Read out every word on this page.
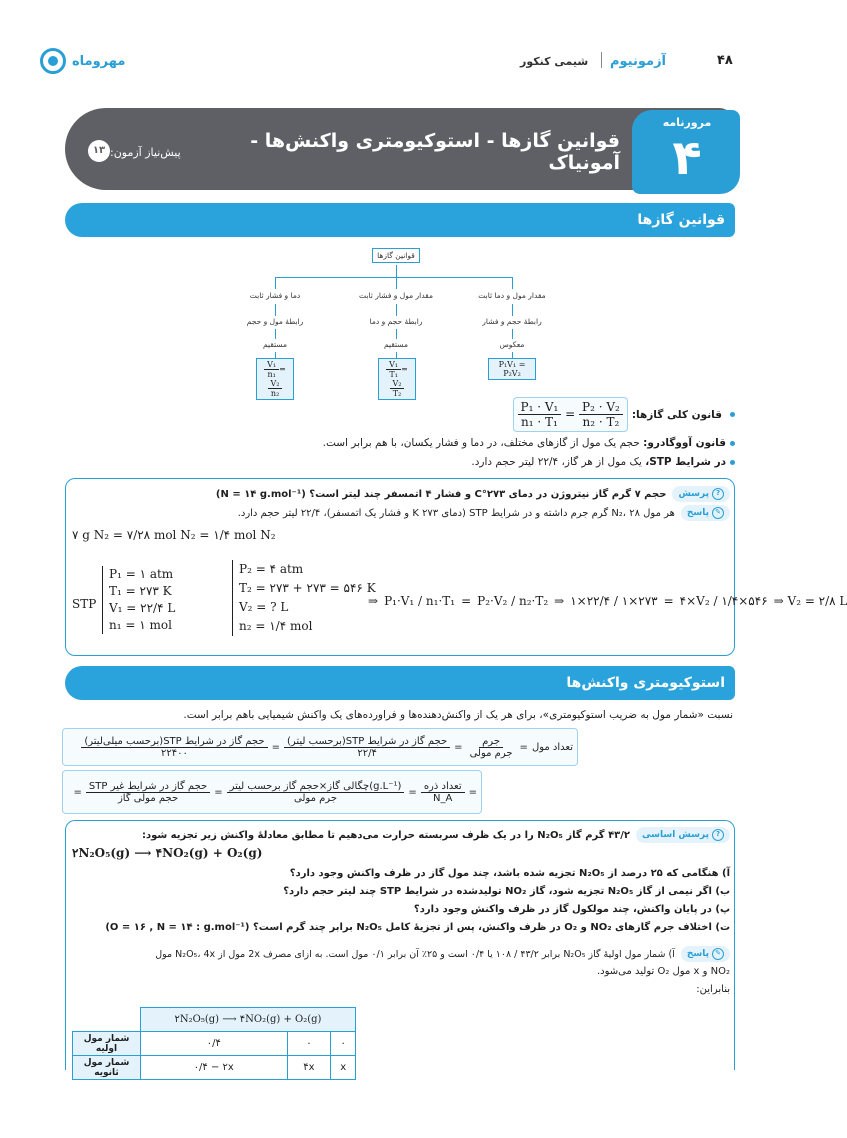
۴۸
آزمونیوم
شیمی کنکور
مهروماه
مرورنامه
۴
قوانین گازها - استوکیومتری واکنش‌ها - آمونیاک
پیش‌نیاز آزمون:
۱۳
قوانین گازها
قوانین گازها
مقدار مول و دما ثابت
رابطهٔ حجم و فشار
معکوس
P₁V₁ = P₂V₂
مقدار مول و فشار ثابت
رابطهٔ حجم و دما
مستقیم
$\frac{\text{V₁}}{\text{T₁}}$ =
$\frac{\text{V₂}}{\text{T₂}}$
دما و فشار ثابت
رابطهٔ مول و حجم
مستقیم
$\frac{\text{V₁}}{\text{n₁}}$ =
$\frac{\text{V₂}}{\text{n₂}}$
قانون کلی گازها:
$\frac{\text{P₁ · V₁}}{\text{n₁ · T₁}} = \frac{\text{P₂ · V₂}}{\text{n₂ · T₂}}$
قانون آووگادرو: حجم یک مول از گازهای مختلف، در دما و فشار یکسان، با هم برابر است.
در شرایط STP، یک مول از هر گاز، ۲۲/۴ لیتر حجم دارد.
?
پرسش
حجم ۷ گرم گاز نیتروژن در دمای ۲۷۳°C و فشار ۴ اتمسفر چند لیتر است؟ (N = ۱۴ g.mol⁻¹)
✎
پاسخ
هر مول N₂، ۲۸ گرم جرم داشته و در شرایط STP (دمای ۲۷۳ K و فشار یک اتمسفر)، ۲۲/۴ لیتر حجم دارد.
۷ g N₂ = ۷/۲۸ mol N₂ = ۱/۴ mol N₂
STP
P₁ = ۱ atm
T₁ = ۲۷۳ K
V₁ = ۲۲/۴ L
n₁ = ۱ mol
P₂ = ۴ atm
T₂ = ۲۷۳ + ۲۷۳ = ۵۴۶ K
V₂ = ? L
n₂ = ۱/۴ mol
⇒ P₁·V₁ / n₁·T₁ = P₂·V₂ / n₂·T₂ ⇒ ۱×۲۲/۴ / ۱×۲۷۳ = ۴×V₂ / ۱/۴×۵۴۶ ⇒ V₂ = ۲/۸ L
استوکیومتری واکنش‌ها
نسبت «شمار مول به ضریب استوکیومتری»، برای هر یک از واکنش‌دهنده‌ها و فراورده‌های یک واکنش شیمیایی باهم برابر است.
تعداد مول
=
$\frac{\text{جرم}}{\text{جرم مولی}}$
=
$\frac{\text{حجم گاز در شرایط STP(برحسب لیتر)}}{۲۲/۴}$
=
$\frac{\text{حجم گاز در شرایط STP(برحسب میلی‌لیتر)}}{۲۲۴۰۰}$
=
$\frac{\text{تعداد ذره}}{N\_A}$
=
$\frac{\text{(g.L⁻¹)چگالی گاز×حجم گاز برحسب لیتر}}{\text{جرم مولی}}$
=
$\frac{\text{حجم گاز در شرایط غیر STP}}{\text{حجم مولی گاز}}$
=
?
پرسش اساسی
۴۳/۲ گرم گاز N₂O₅ را در یک ظرف سربسته حرارت می‌دهیم تا مطابق معادلهٔ واکنش زیر تجزیه شود:
۲N₂O₅(g) ⟶ ۴NO₂(g) + O₂(g)
آ) هنگامی که ۲۵ درصد از N₂O₅ تجزیه شده باشد، چند مول گاز در ظرف واکنش وجود دارد؟
ب) اگر نیمی از گاز N₂O₅ تجزیه شود، گاز NO₂ تولیدشده در شرایط STP چند لیتر حجم دارد؟
پ) در پایان واکنش، چند مولکول گاز در ظرف واکنش وجود دارد؟
ت) اختلاف جرم گازهای NO₂ و O₂ در ظرف واکنش، پس از تجزیهٔ کامل N₂O₅ برابر چند گرم است؟ (O = ۱۶ , N = ۱۴ : g.mol⁻¹)
✎
پاسخ
آ) شمار مول اولیهٔ گاز N₂O₅ برابر ۴۳/۲ / ۱۰۸ یا ۰/۴ است و ۲۵٪ آن برابر ۰/۱ مول است. به ازای مصرف 2x مول از N₂O₅، 4x مول
NO₂ و x مول O₂ تولید می‌شود.
بنابراین:
	۲N₂O₅(g) ⟶ ۴NO₂(g) + O₂(g)		
شمار مول اولیه	۰/۴	۰	۰
شمار مول ثانویه	۰/۴ − ۲x	۴x	x
